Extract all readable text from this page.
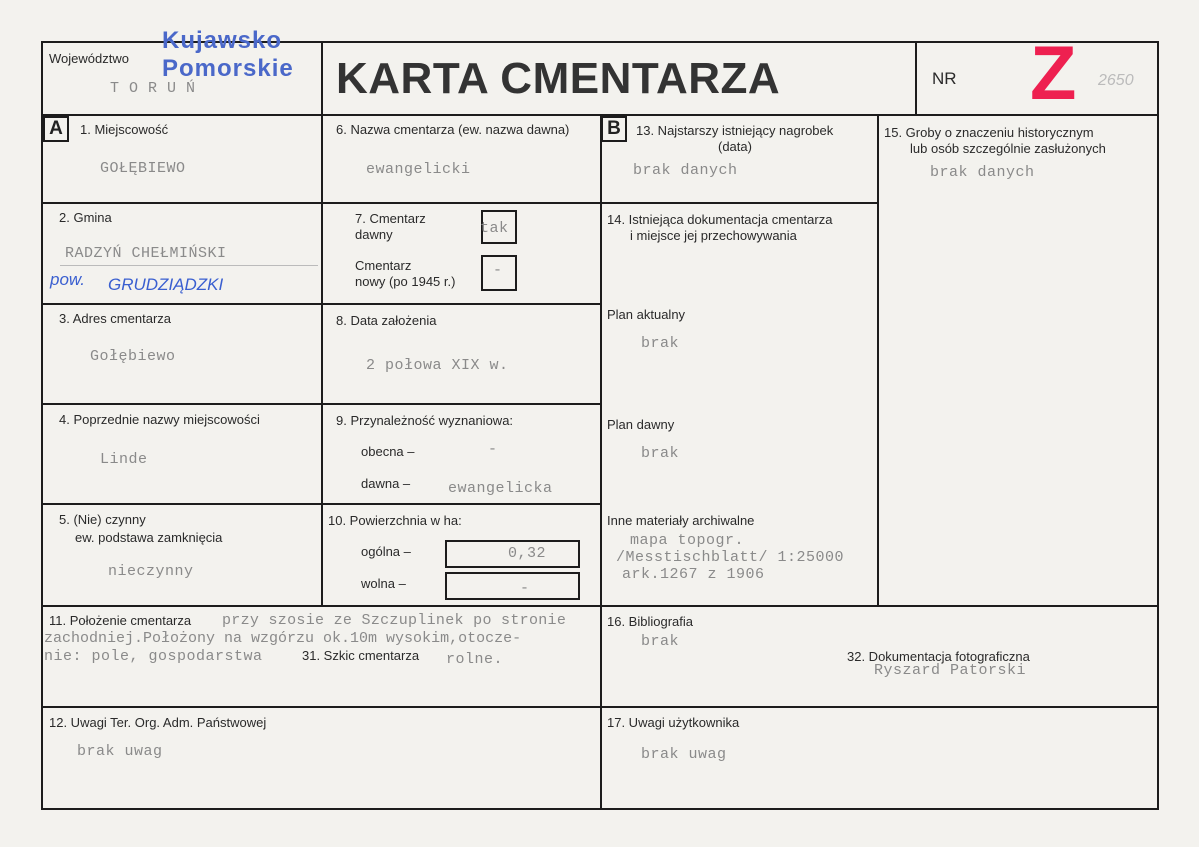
Województwo
Kujawsko
Pomorskie
T O R U Ń	KARTA CMENTARZA	NR Z 2650
A	B
1. Miejscowość
GOŁĘBIEWO
2. Gmina
RADZYŃ CHEŁMIŃSKI
pow. GRUDZIĄDZKI
3. Adres cmentarza
Gołębiewo
4. Poprzednie nazwy miejscowości
Linde
5. (Nie) czynny
ew. podstawa zamknięcia
nieczynny
6. Nazwa cmentarza (ew. nazwa dawna)
ewangelicki
7. Cmentarz
dawny	tak
Cmentarz
nowy (po 1945 r.)
-
8. Data założenia
2 połowa XIX w.
9. Przynależność wyznaniowa:
obecna –	-
dawna –	ewangelicka
10. Powierzchnia w ha:
ogólna –	0,32
wolna –	-
11. Położenie cmentarza przy szosie ze Szczuplinek po stronie
zachodniej.Położony na wzgórzu ok.10m wysokim,otocze-
nie: pole, gospodarstwa	31. Szkic cmentarza rolne.
12. Uwagi Ter. Org. Adm. Państwowej
brak uwag
13. Najstarszy istniejący nagrobek
(data)
brak danych
14. Istniejąca dokumentacja cmentarza
i miejsce jej przechowywania
Plan aktualny
brak
Plan dawny
brak
Inne materiały archiwalne
mapa topogr.
/Messtischblatt/ 1:25000
ark.1267 z 1906
15. Groby o znaczeniu historycznym
lub osób szczególnie zasłużonych
brak danych
16. Bibliografia
brak
32. Dokumentacja fotograficzna
Ryszard Patorski
17. Uwagi użytkownika
brak uwag
